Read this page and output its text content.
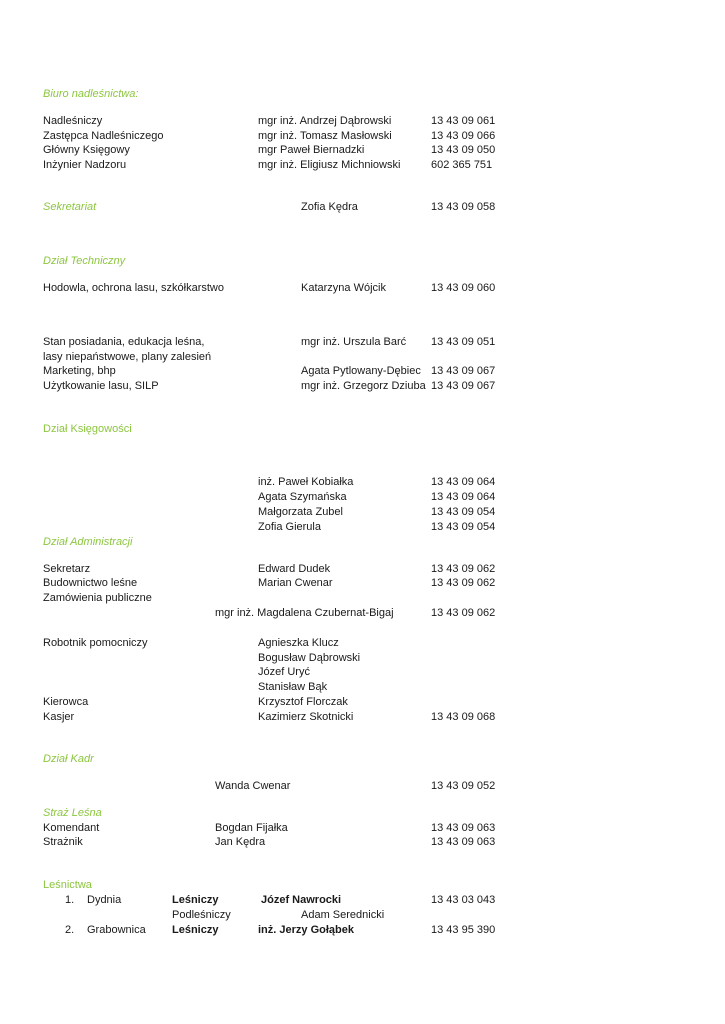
Biuro nadleśnictwa:
Nadleśniczy	mgr inż. Andrzej Dąbrowski	13 43 09 061
Zastępca Nadleśniczego	mgr inż. Tomasz Masłowski	13 43 09 066
Główny Księgowy	mgr Paweł Biernadzki	13 43 09 050
Inżynier Nadzoru	mgr inż. Eligiusz Michniowski	602 365 751
Sekretariat	Zofia Kędra	13 43 09 058
Dział Techniczny
Hodowla, ochrona lasu, szkółkarstwo	Katarzyna Wójcik	13 43 09 060
Stan posiadania, edukacja leśna,	mgr inż. Urszula Barć 13 43 09 051
lasy niepaństwowe, plany zalesień
Marketing, bhp	Agata Pytlowany-Dębiec 13 43 09 067
Użytkowanie lasu, SILP	mgr inż. Grzegorz Dziuba 13 43 09 067
Dział Księgowości
inż. Paweł Kobiałka	13 43 09 064
Agata Szymańska	13 43 09 064
Małgorzata Zubel	13 43 09 054
Zofia Gierula	13 43 09 054
Dział Administracji
Sekretarz	Edward Dudek	13 43 09 062
Budownictwo leśne	Marian Cwenar	13 43 09 062
Zamówienia publiczne
mgr inż. Magdalena Czubernat-Bigaj	13 43 09 062
Robotnik pomocniczy	Agnieszka Klucz
Bogusław Dąbrowski
Józef Uryć
Stanisław Bąk
Kierowca	Krzysztof Florczak
Kasjer	Kazimierz Skotnicki	13 43 09 068
Dział Kadr
Wanda Cwenar	13 43 09 052
Straż Leśna
Komendant	Bogdan Fijałka	13 43 09 063
Strażnik	Jan Kędra	13 43 09 063
Leśnictwa
1. Dydnia	Leśniczy	Józef Nawrocki	13 43 03 043
Podleśniczy	Adam Serednicki
2. Grabownica Leśniczy	inż. Jerzy Gołąbek	13 43 95 390
